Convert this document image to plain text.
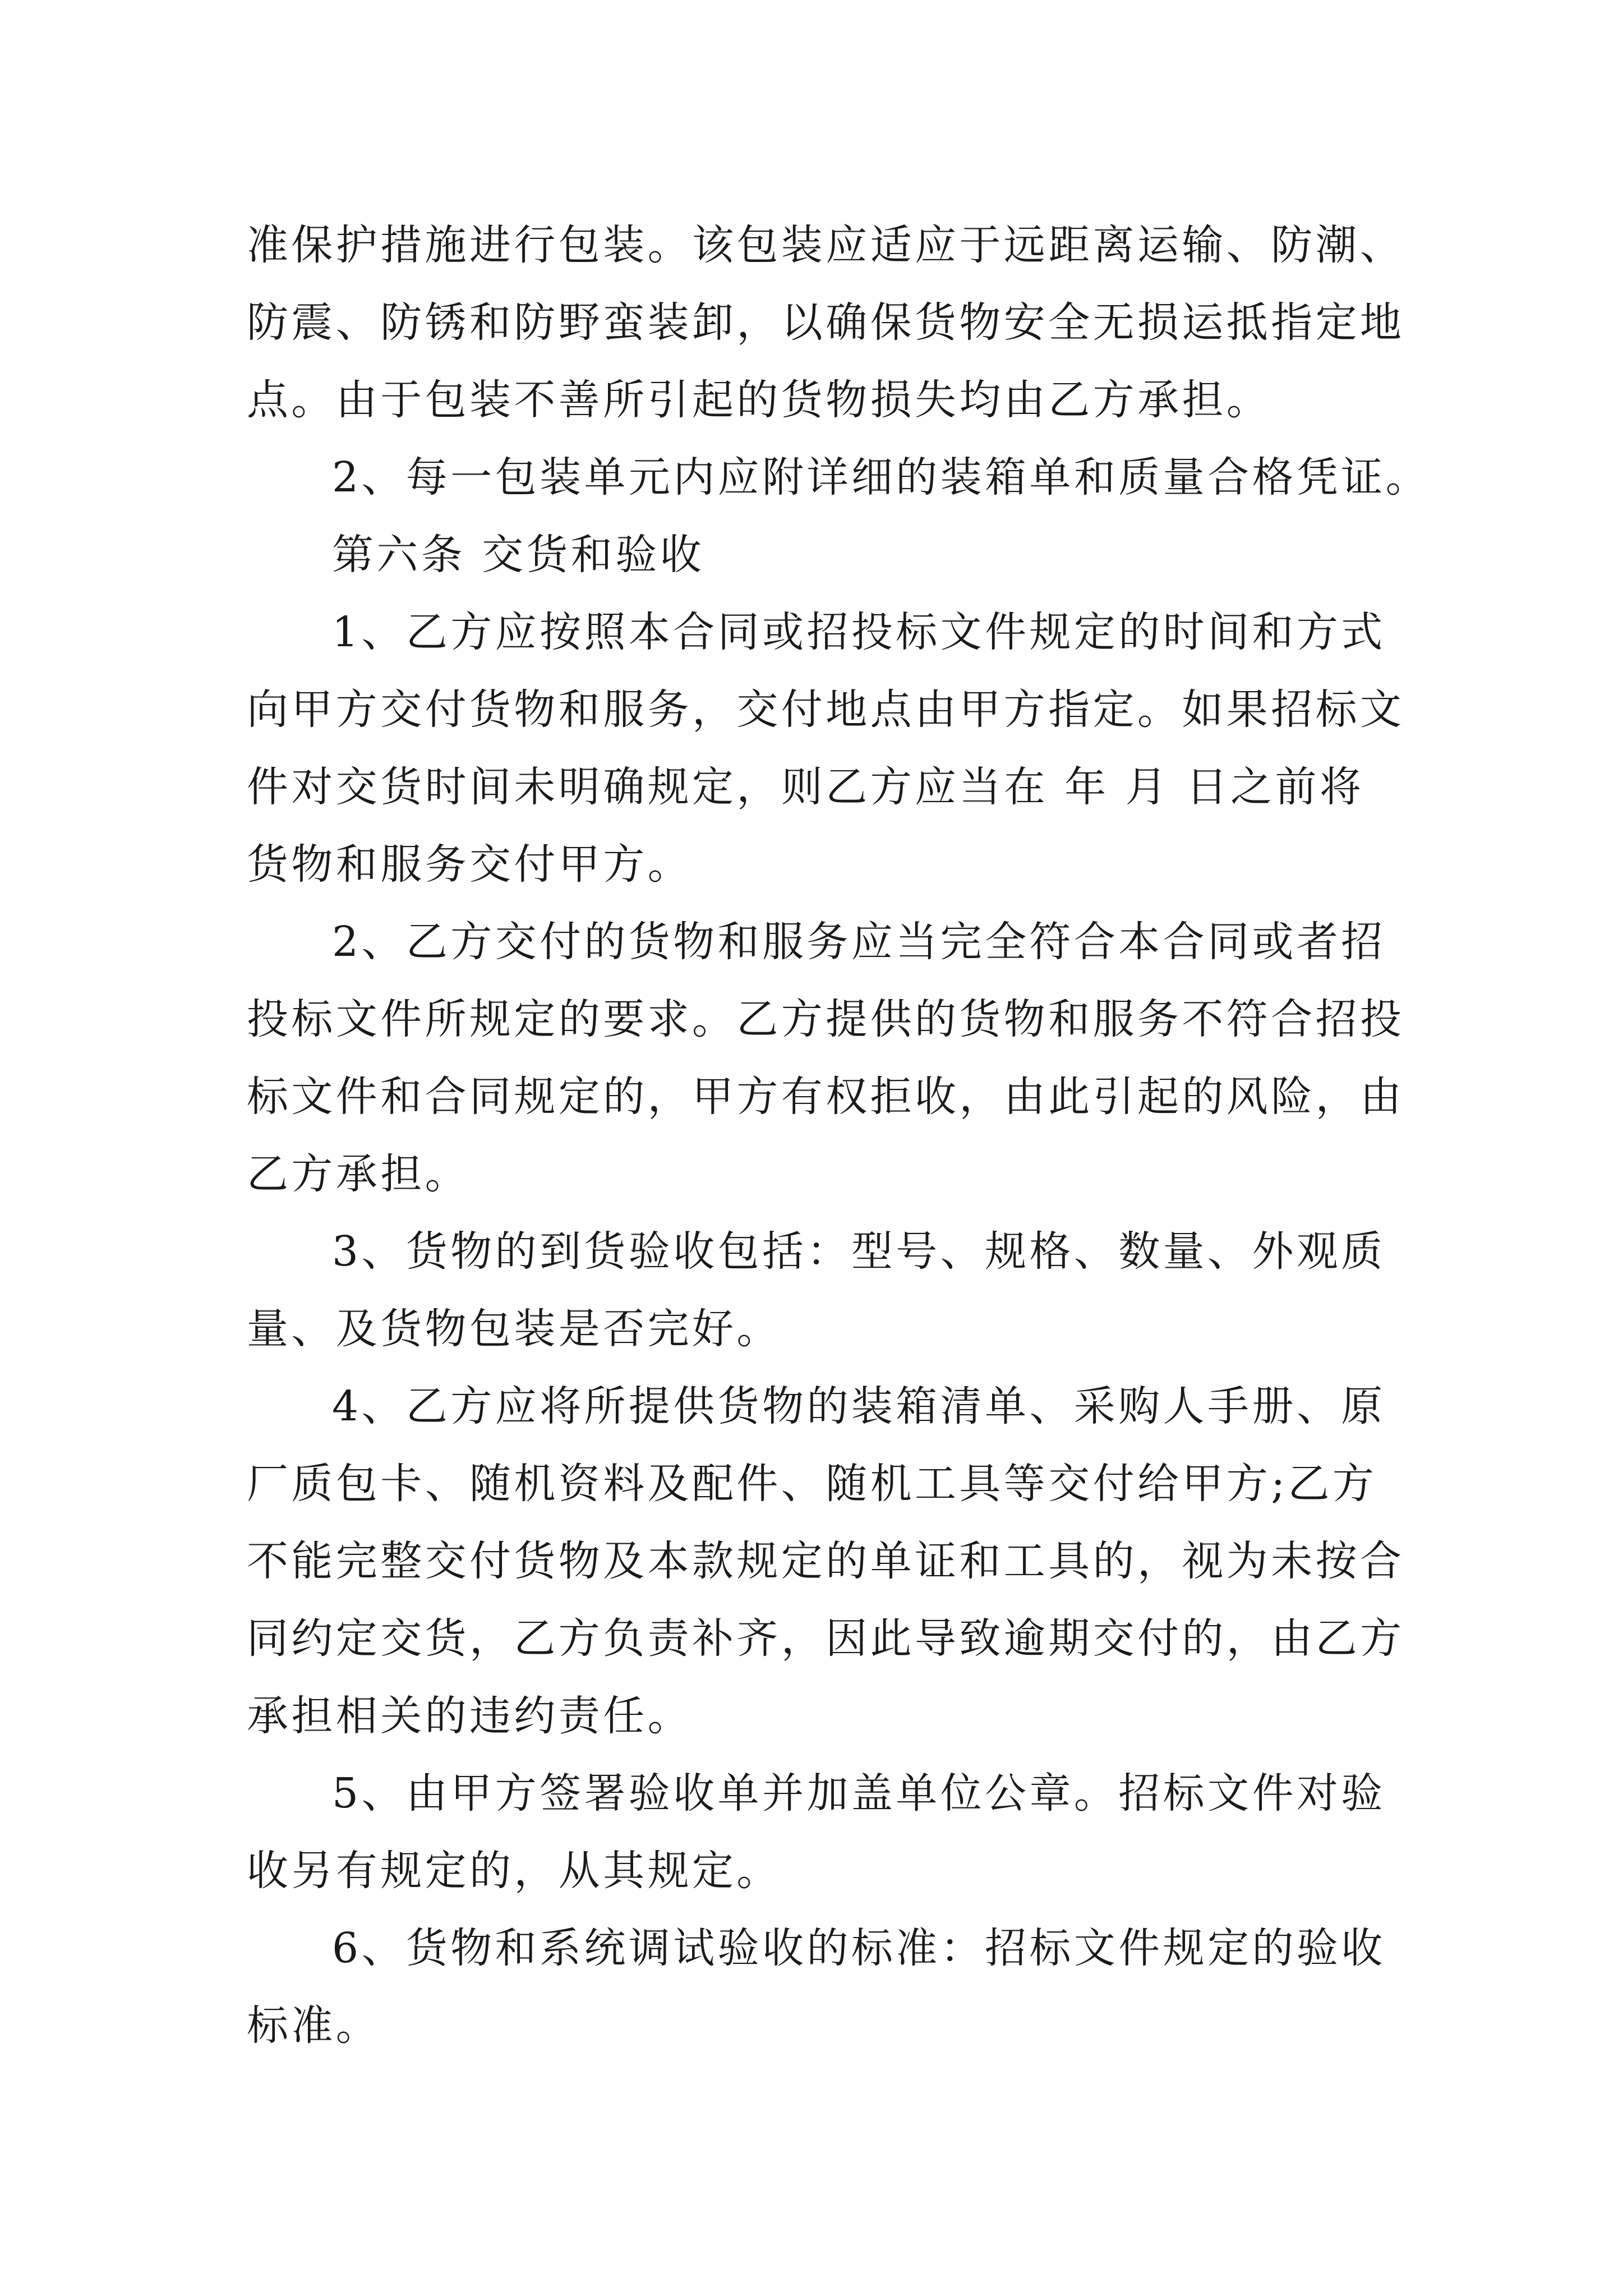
准保护措施进行包装。该包装应适应于远距离运输、防潮、
防震、防锈和防野蛮装卸，以确保货物安全无损运抵指定地
点。由于包装不善所引起的货物损失均由乙方承担。
2、每一包装单元内应附详细的装箱单和质量合格凭证。
第六条 交货和验收
1、乙方应按照本合同或招投标文件规定的时间和方式
向甲方交付货物和服务，交付地点由甲方指定。如果招标文
件对交货时间未明确规定，则乙方应当在 年 月 日之前将
货物和服务交付甲方。
2、乙方交付的货物和服务应当完全符合本合同或者招
投标文件所规定的要求。乙方提供的货物和服务不符合招投
标文件和合同规定的，甲方有权拒收，由此引起的风险，由
乙方承担。
3、货物的到货验收包括：型号、规格、数量、外观质
量、及货物包装是否完好。
4、乙方应将所提供货物的装箱清单、采购人手册、原
厂质包卡、随机资料及配件、随机工具等交付给甲方;乙方
不能完整交付货物及本款规定的单证和工具的，视为未按合
同约定交货，乙方负责补齐，因此导致逾期交付的，由乙方
承担相关的违约责任。
5、由甲方签署验收单并加盖单位公章。招标文件对验
收另有规定的，从其规定。
6、货物和系统调试验收的标准：招标文件规定的验收
标准。
